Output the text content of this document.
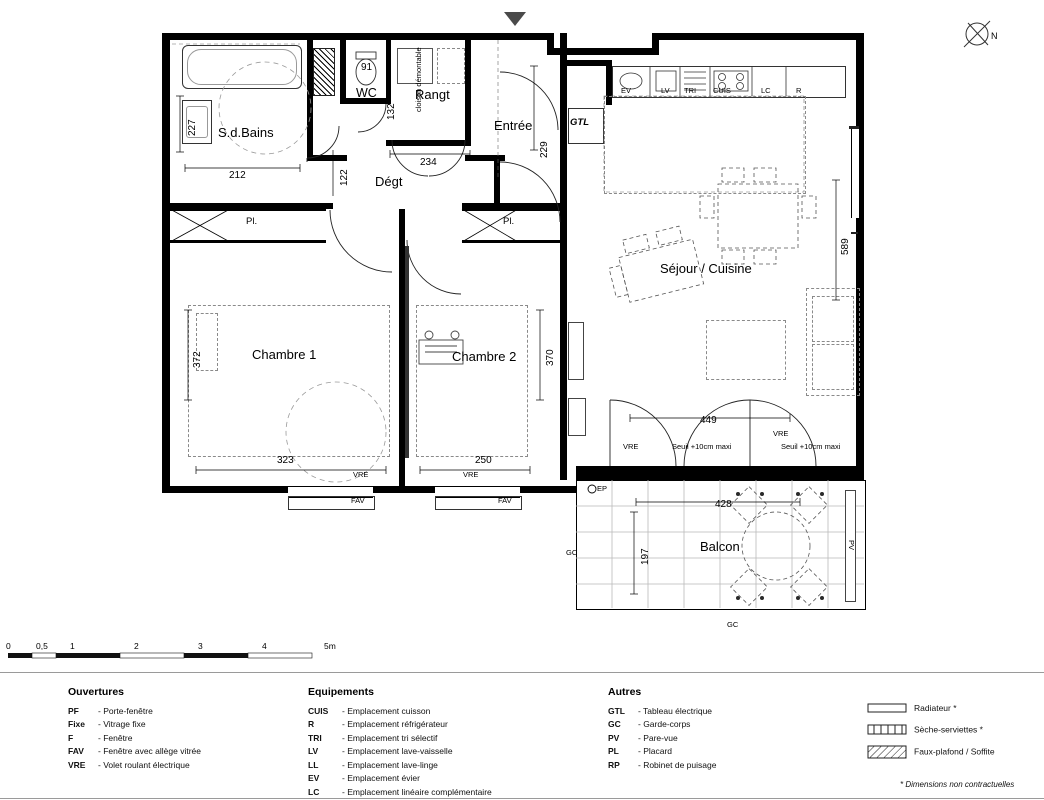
N
S.d.Bains
WC	Rangt
Entrée
Dégt
Chambre 1	Chambre 2
Séjour / Cuisine
Balcon
Pl.	Pl.
GTL
EV	LV TRI CUIS	LC	R
EP
GC
GC
PV
FAV	FAV
VRE	VRE
VRE
VRE
PF	PF
Seuil +10cm maxi	Seuil +10cm maxi
cloison démontable
227
212
91
132
234
122
229
589
372	370
323	250
449
428
197
0	0,5	1	2	3	4	5m
Ouvertures
PF - Porte-fenêtre
Fixe - Vitrage fixe
F	- Fenêtre
FAV - Fenêtre avec allège vitrée
VRE - Volet roulant électrique
Equipements
CUIS - Emplacement cuisson
R	- Emplacement réfrigérateur
TRI - Emplacement tri sélectif
LV	- Emplacement lave-vaisselle
LL	- Emplacement lave-linge
EV	- Emplacement évier
LC	- Emplacement linéaire complémentaire
Autres
GTL - Tableau électrique
GC - Garde-corps
PV - Pare-vue
PL - Placard
RP - Robinet de puisage
Radiateur *
Sèche-serviettes *
Faux-plafond / Soffite
* Dimensions non contractuelles
